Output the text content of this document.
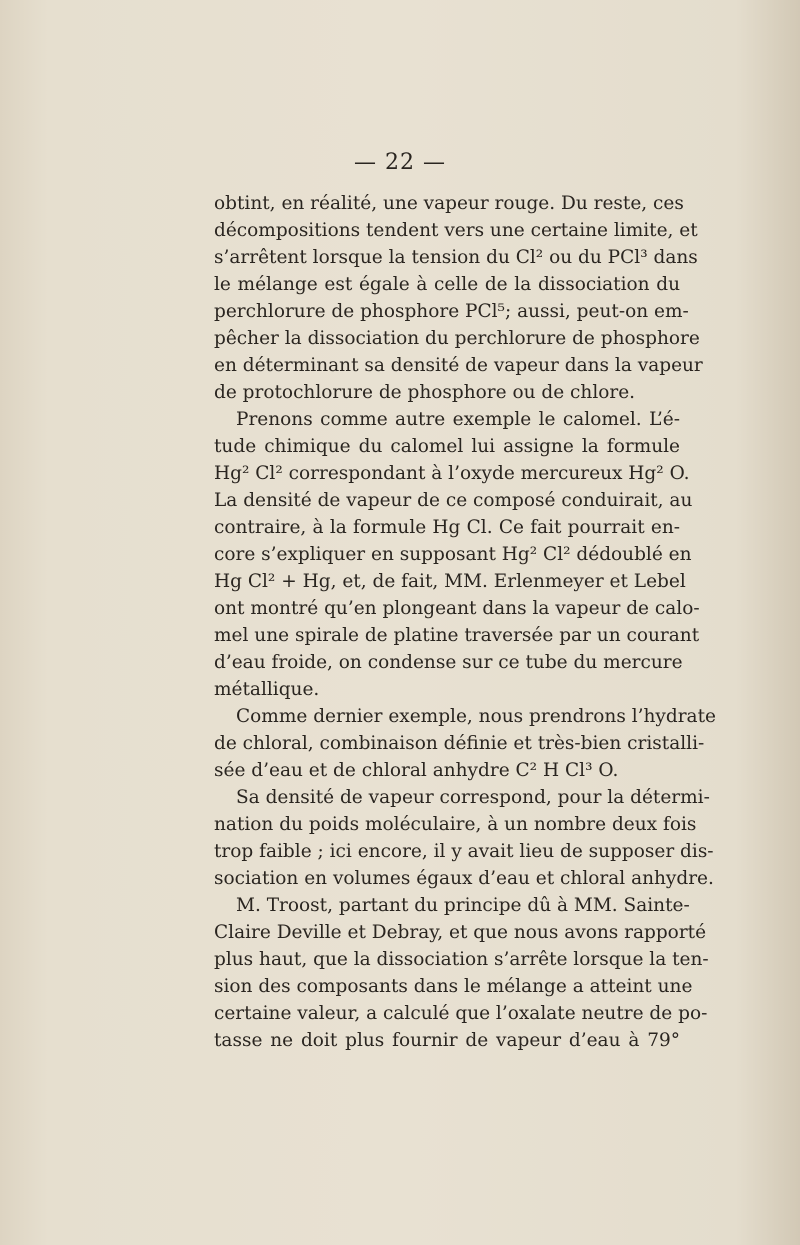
— 22 —
obtint, en réalité, une vapeur rouge. Du reste, ces
décompositions tendent vers une certaine limite, et
s’arrêtent lorsque la tension du Cl² ou du PCl³ dans
le mélange est égale à celle de la dissociation du
perchlorure de phosphore PCl⁵; aussi, peut-on em-
pêcher la dissociation du perchlorure de phosphore
en déterminant sa densité de vapeur dans la vapeur
de protochlorure de phosphore ou de chlore.
Prenons comme autre exemple le calomel. L’é-
tude chimique du calomel lui assigne la formule
Hg² Cl² correspondant à l’oxyde mercureux Hg² O.
La densité de vapeur de ce composé conduirait, au
contraire, à la formule Hg Cl. Ce fait pourrait en-
core s’expliquer en supposant Hg² Cl² dédoublé en
Hg Cl² + Hg, et, de fait, MM. Erlenmeyer et Lebel
ont montré qu’en plongeant dans la vapeur de calo-
mel une spirale de platine traversée par un courant
d’eau froide, on condense sur ce tube du mercure
métallique.
Comme dernier exemple, nous prendrons l’hydrate
de chloral, combinaison définie et très-bien cristalli-
sée d’eau et de chloral anhydre C² H Cl³ O.
Sa densité de vapeur correspond, pour la détermi-
nation du poids moléculaire, à un nombre deux fois
trop faible ; ici encore, il y avait lieu de supposer dis-
sociation en volumes égaux d’eau et chloral anhydre.
M. Troost, partant du principe dû à MM. Sainte-
Claire Deville et Debray, et que nous avons rapporté
plus haut, que la dissociation s’arrête lorsque la ten-
sion des composants dans le mélange a atteint une
certaine valeur, a calculé que l’oxalate neutre de po-
tasse ne doit plus fournir de vapeur d’eau à 79°
